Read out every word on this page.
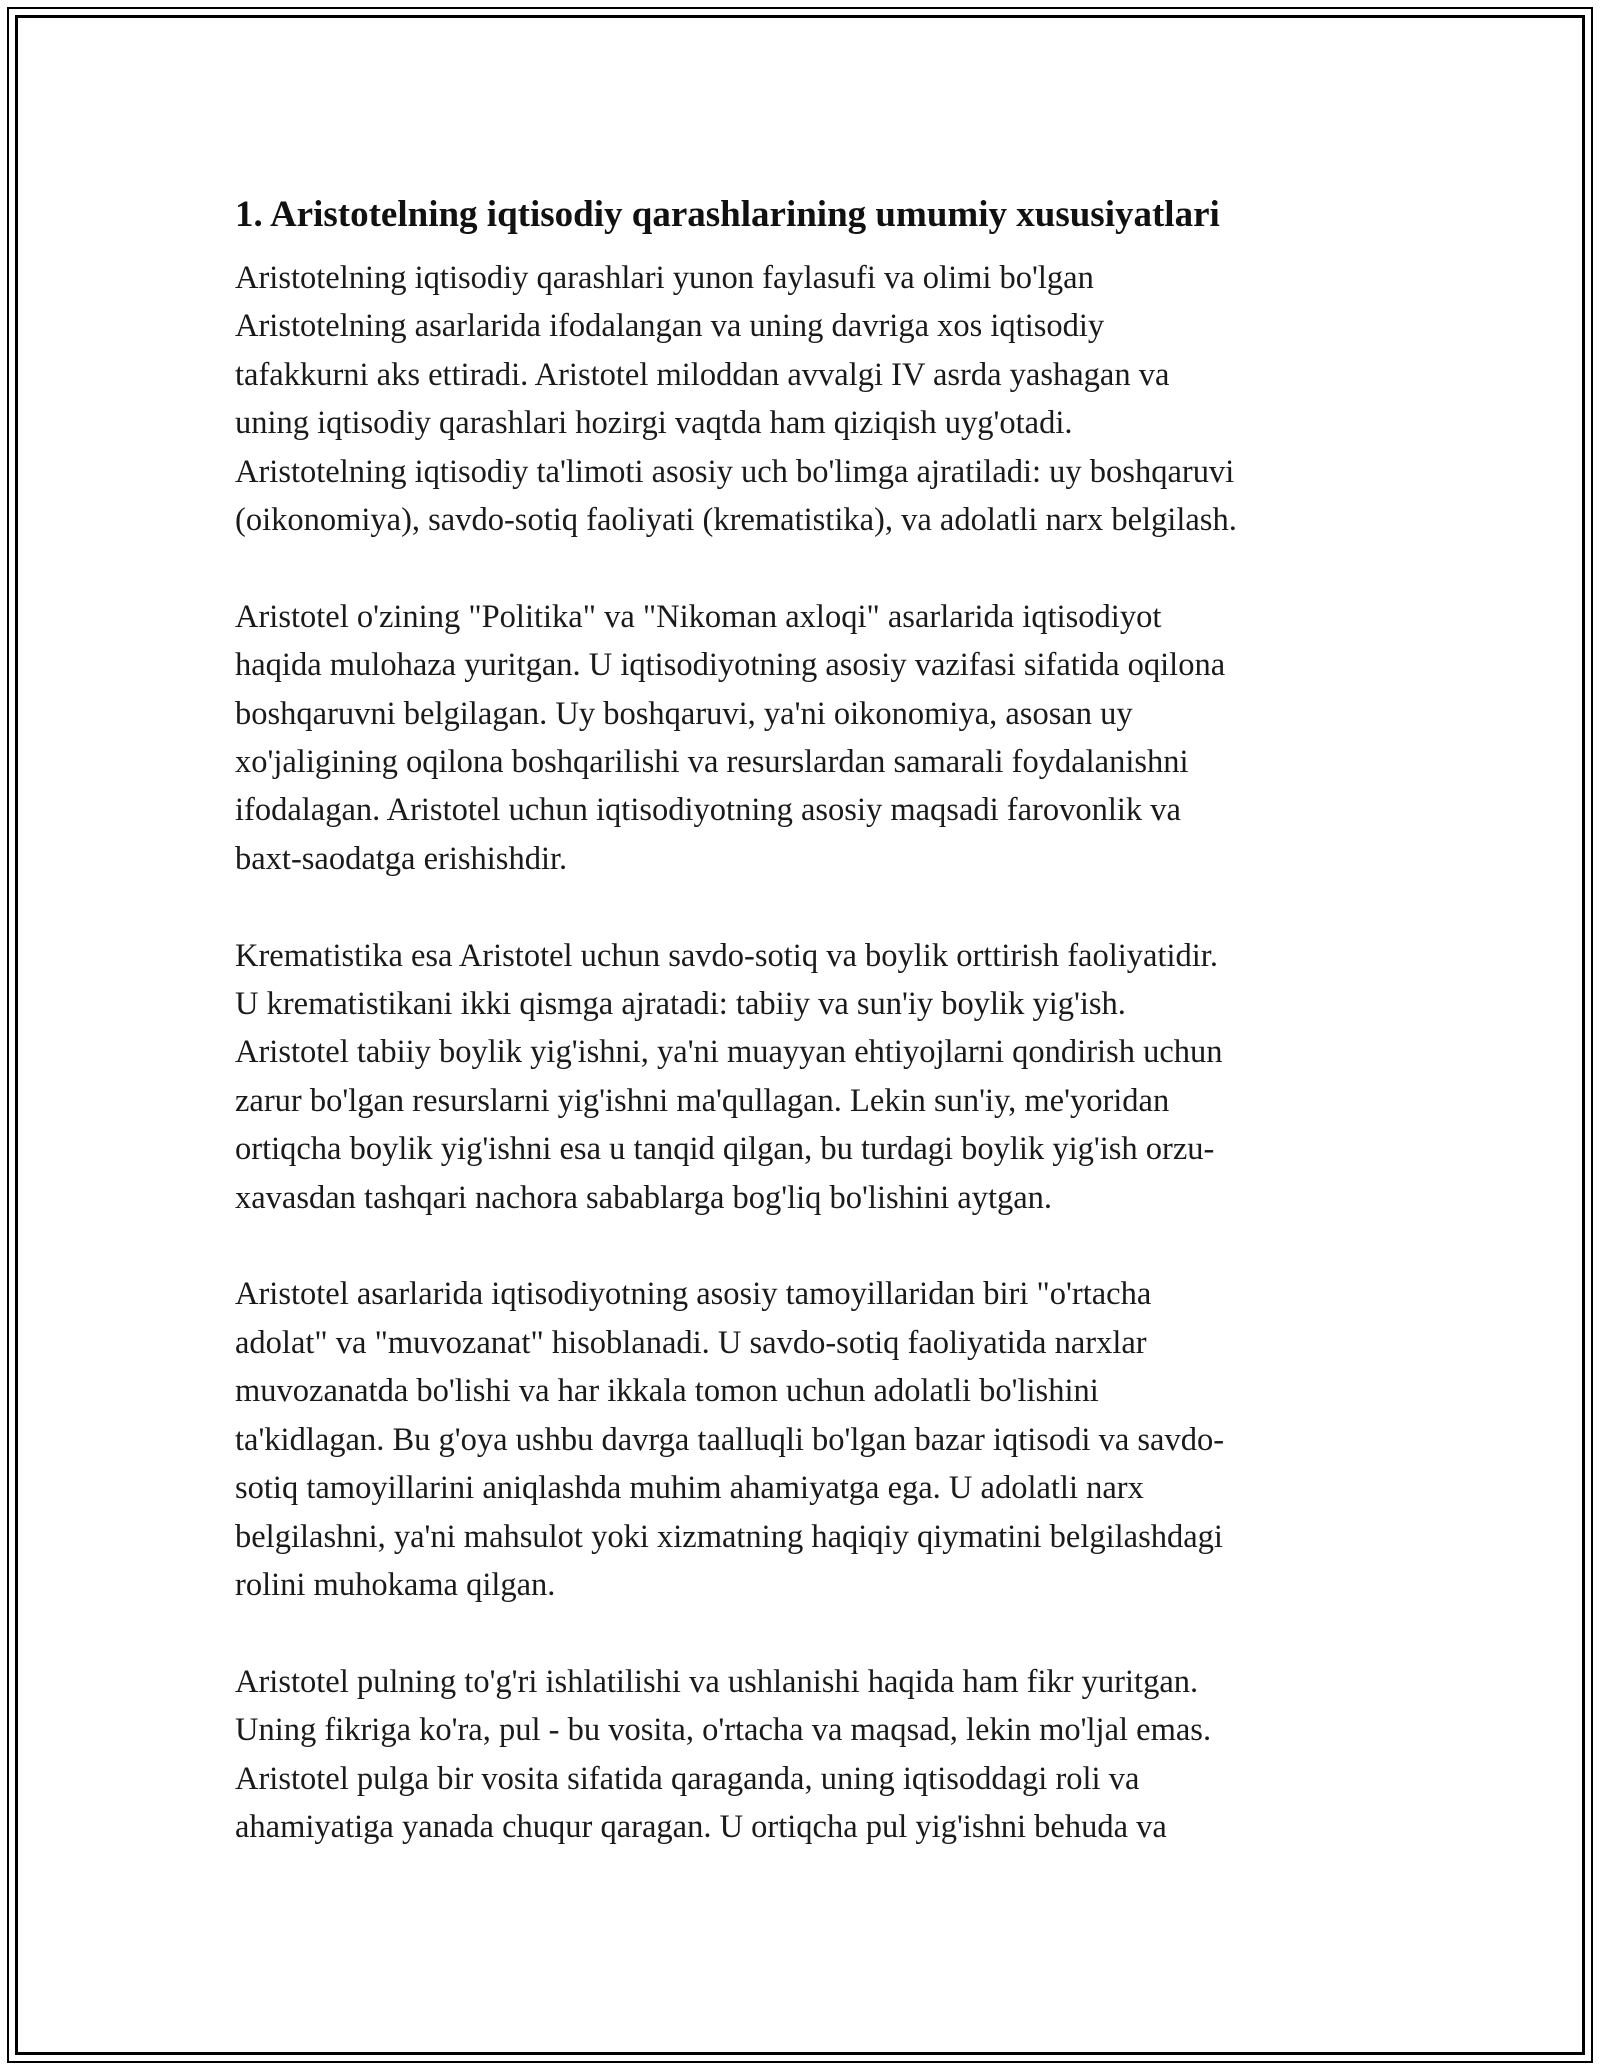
1. Aristotelning iqtisodiy qarashlarining umumiy xususiyatlari
Aristotelning iqtisodiy qarashlari yunon faylasufi va olimi bo'lgan
Aristotelning asarlarida ifodalangan va uning davriga xos iqtisodiy
tafakkurni aks ettiradi. Aristotel miloddan avvalgi IV asrda yashagan va
uning iqtisodiy qarashlari hozirgi vaqtda ham qiziqish uyg'otadi.
Aristotelning iqtisodiy ta'limoti asosiy uch bo'limga ajratiladi: uy boshqaruvi
(oikonomiya), savdo-sotiq faoliyati (krematistika), va adolatli narx belgilash.
Aristotel o'zining "Politika" va "Nikoman axloqi" asarlarida iqtisodiyot
haqida mulohaza yuritgan. U iqtisodiyotning asosiy vazifasi sifatida oqilona
boshqaruvni belgilagan. Uy boshqaruvi, ya'ni oikonomiya, asosan uy
xo'jaligining oqilona boshqarilishi va resurslardan samarali foydalanishni
ifodalagan. Aristotel uchun iqtisodiyotning asosiy maqsadi farovonlik va
baxt-saodatga erishishdir.
Krematistika esa Aristotel uchun savdo-sotiq va boylik orttirish faoliyatidir.
U krematistikani ikki qismga ajratadi: tabiiy va sun'iy boylik yig'ish.
Aristotel tabiiy boylik yig'ishni, ya'ni muayyan ehtiyojlarni qondirish uchun
zarur bo'lgan resurslarni yig'ishni ma'qullagan. Lekin sun'iy, me'yoridan
ortiqcha boylik yig'ishni esa u tanqid qilgan, bu turdagi boylik yig'ish orzu-
xavasdan tashqari nachora sabablarga bog'liq bo'lishini aytgan.
Aristotel asarlarida iqtisodiyotning asosiy tamoyillaridan biri "o'rtacha
adolat" va "muvozanat" hisoblanadi. U savdo-sotiq faoliyatida narxlar
muvozanatda bo'lishi va har ikkala tomon uchun adolatli bo'lishini
ta'kidlagan. Bu g'oya ushbu davrga taalluqli bo'lgan bazar iqtisodi va savdo-
sotiq tamoyillarini aniqlashda muhim ahamiyatga ega. U adolatli narx
belgilashni, ya'ni mahsulot yoki xizmatning haqiqiy qiymatini belgilashdagi
rolini muhokama qilgan.
Aristotel pulning to'g'ri ishlatilishi va ushlanishi haqida ham fikr yuritgan.
Uning fikriga ko'ra, pul - bu vosita, o'rtacha va maqsad, lekin mo'ljal emas.
Aristotel pulga bir vosita sifatida qaraganda, uning iqtisoddagi roli va
ahamiyatiga yanada chuqur qaragan. U ortiqcha pul yig'ishni behuda va
